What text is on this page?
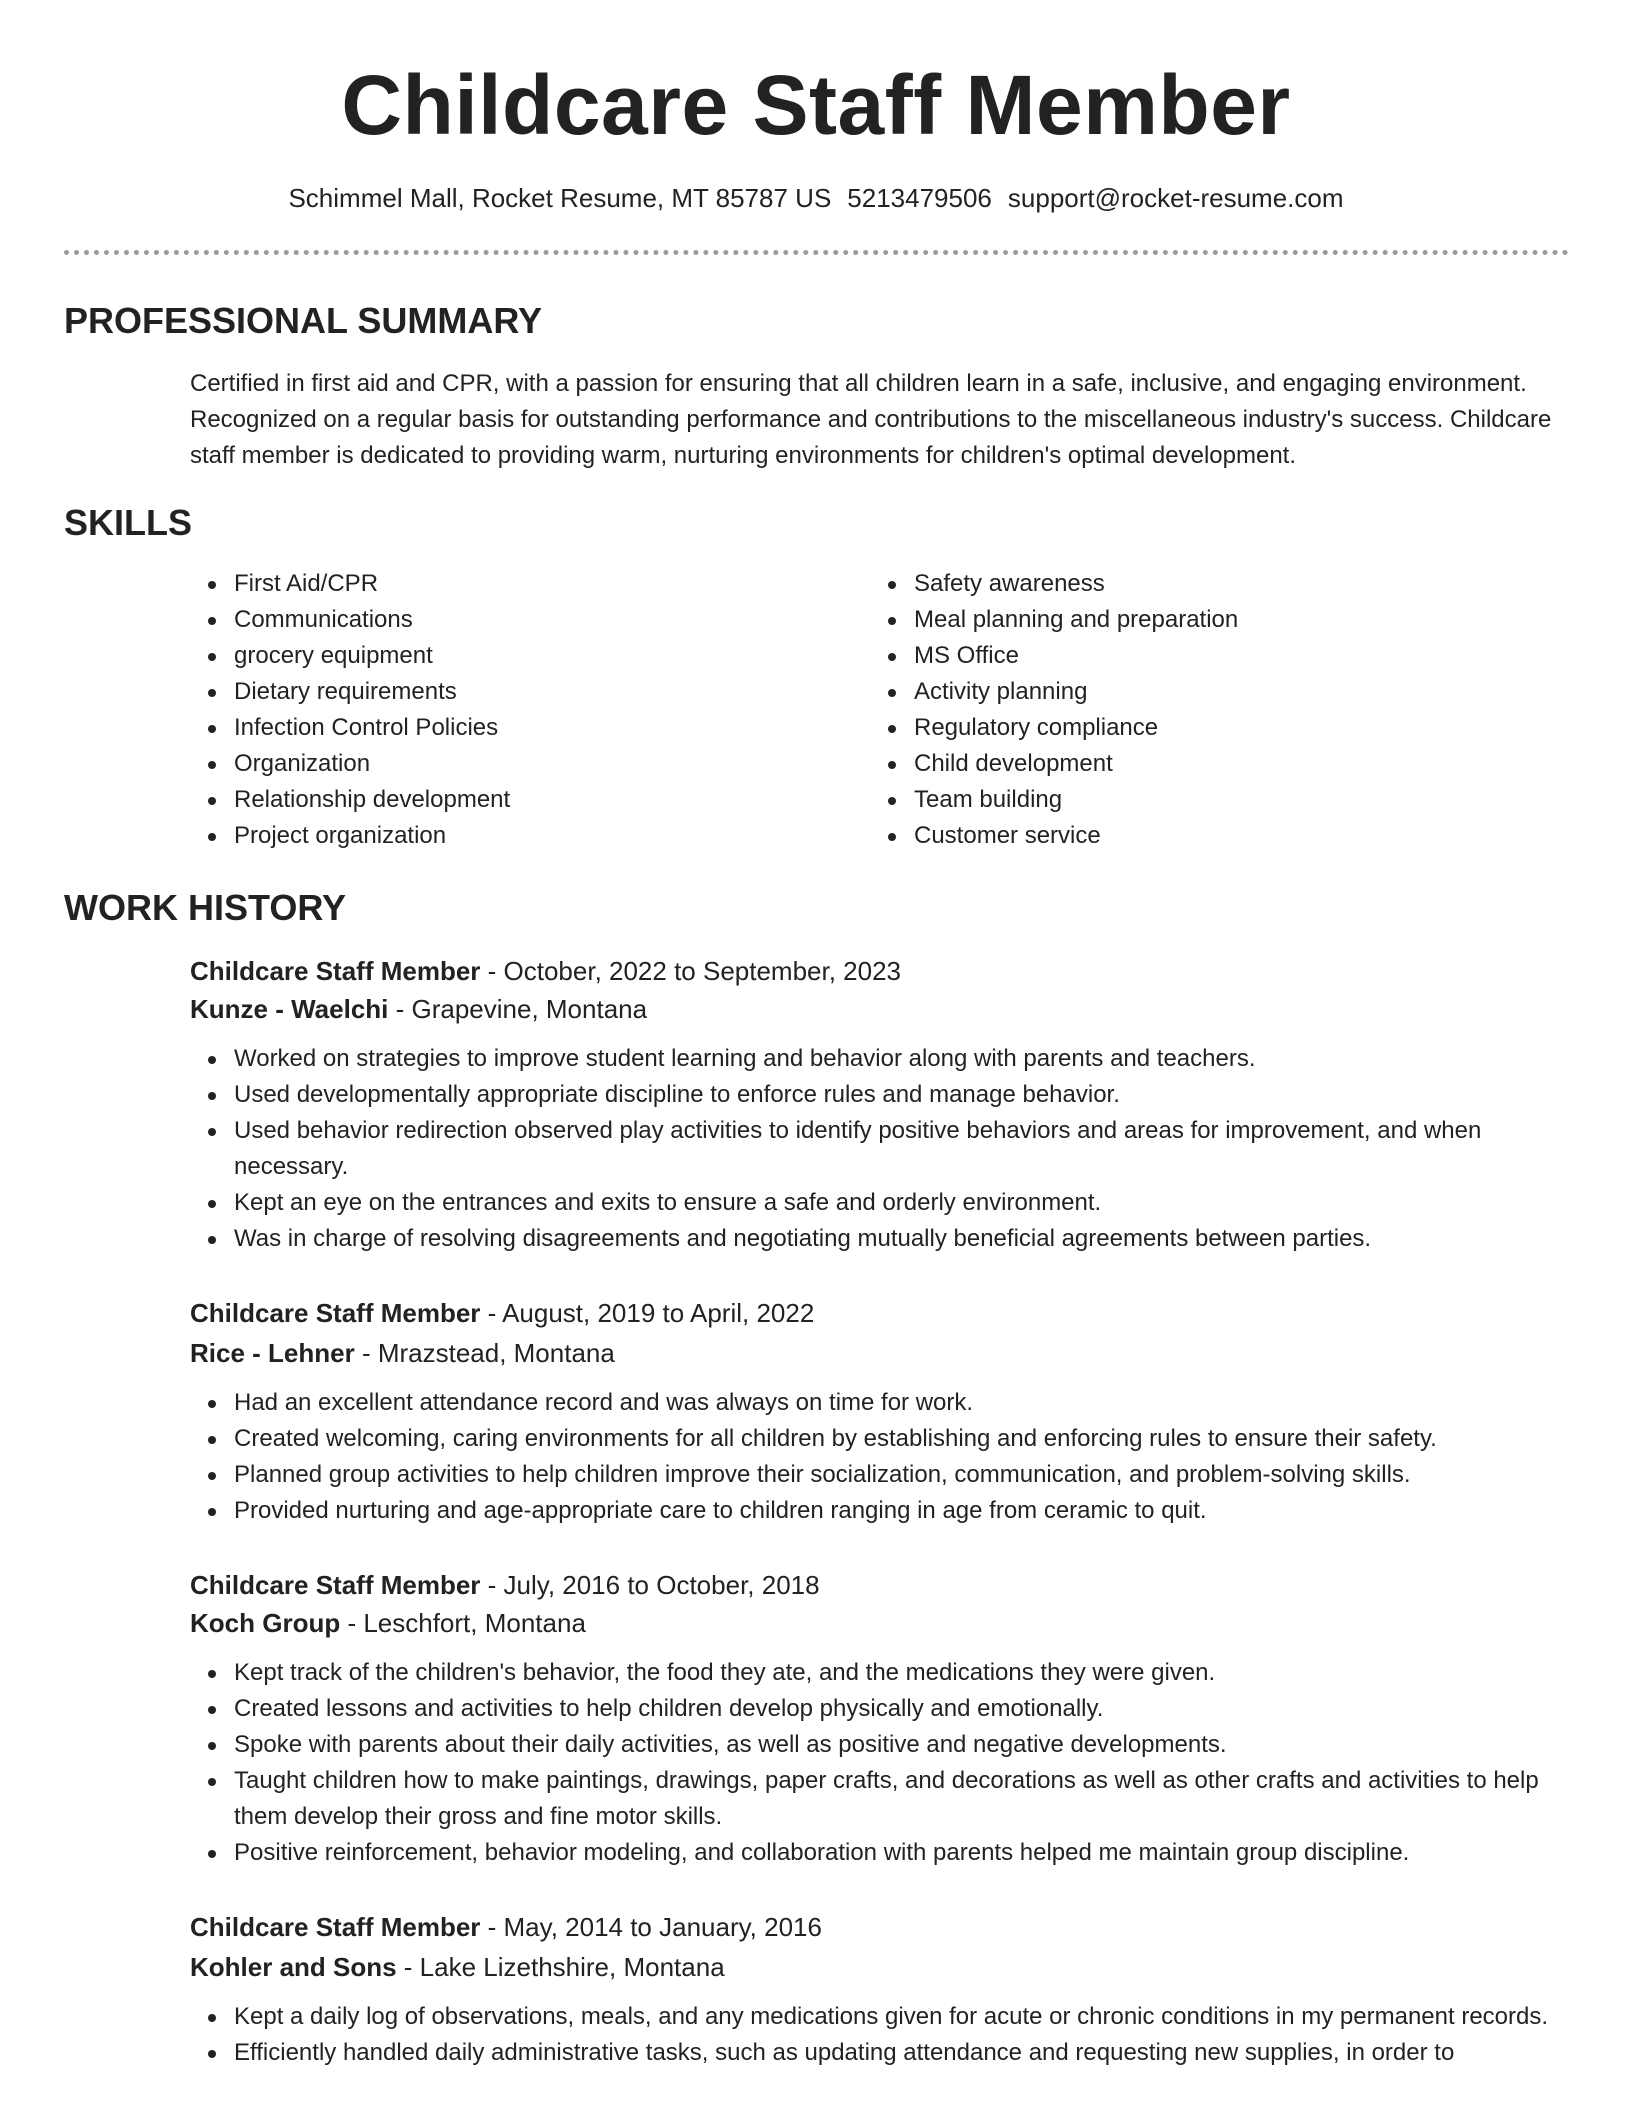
Childcare Staff Member
Schimmel Mall, Rocket Resume, MT 85787 US 5213479506 support@rocket-resume.com
PROFESSIONAL SUMMARY

Certified in first aid and CPR, with a passion for ensuring that all children learn in a safe, inclusive, and engaging environment. Recognized on a regular basis for outstanding performance and contributions to the miscellaneous industry's success. Childcare staff member is dedicated to providing warm, nurturing environments for children's optimal development.

SKILLS
First Aid/CPR
Communications
grocery equipment
Dietary requirements
Infection Control Policies
Organization
Relationship development
Project organization
Safety awareness
Meal planning and preparation
MS Office
Activity planning
Regulatory compliance
Child development
Team building
Customer service
WORK HISTORY
Childcare Staff Member - October, 2022 to September, 2023
Kunze - Waelchi - Grapevine, Montana
Worked on strategies to improve student learning and behavior along with parents and teachers.
Used developmentally appropriate discipline to enforce rules and manage behavior.
Used behavior redirection observed play activities to identify positive behaviors and areas for improvement, and when necessary.
Kept an eye on the entrances and exits to ensure a safe and orderly environment.
Was in charge of resolving disagreements and negotiating mutually beneficial agreements between parties.
Childcare Staff Member - August, 2019 to April, 2022
Rice - Lehner - Mrazstead, Montana
Had an excellent attendance record and was always on time for work.
Created welcoming, caring environments for all children by establishing and enforcing rules to ensure their safety.
Planned group activities to help children improve their socialization, communication, and problem-solving skills.
Provided nurturing and age-appropriate care to children ranging in age from ceramic to quit.
Childcare Staff Member - July, 2016 to October, 2018
Koch Group - Leschfort, Montana
Kept track of the children's behavior, the food they ate, and the medications they were given.
Created lessons and activities to help children develop physically and emotionally.
Spoke with parents about their daily activities, as well as positive and negative developments.
Taught children how to make paintings, drawings, paper crafts, and decorations as well as other crafts and activities to help them develop their gross and fine motor skills.
Positive reinforcement, behavior modeling, and collaboration with parents helped me maintain group discipline.
Childcare Staff Member - May, 2014 to January, 2016
Kohler and Sons - Lake Lizethshire, Montana
Kept a daily log of observations, meals, and any medications given for acute or chronic conditions in my permanent records.
Efficiently handled daily administrative tasks, such as updating attendance and requesting new supplies, in order to
